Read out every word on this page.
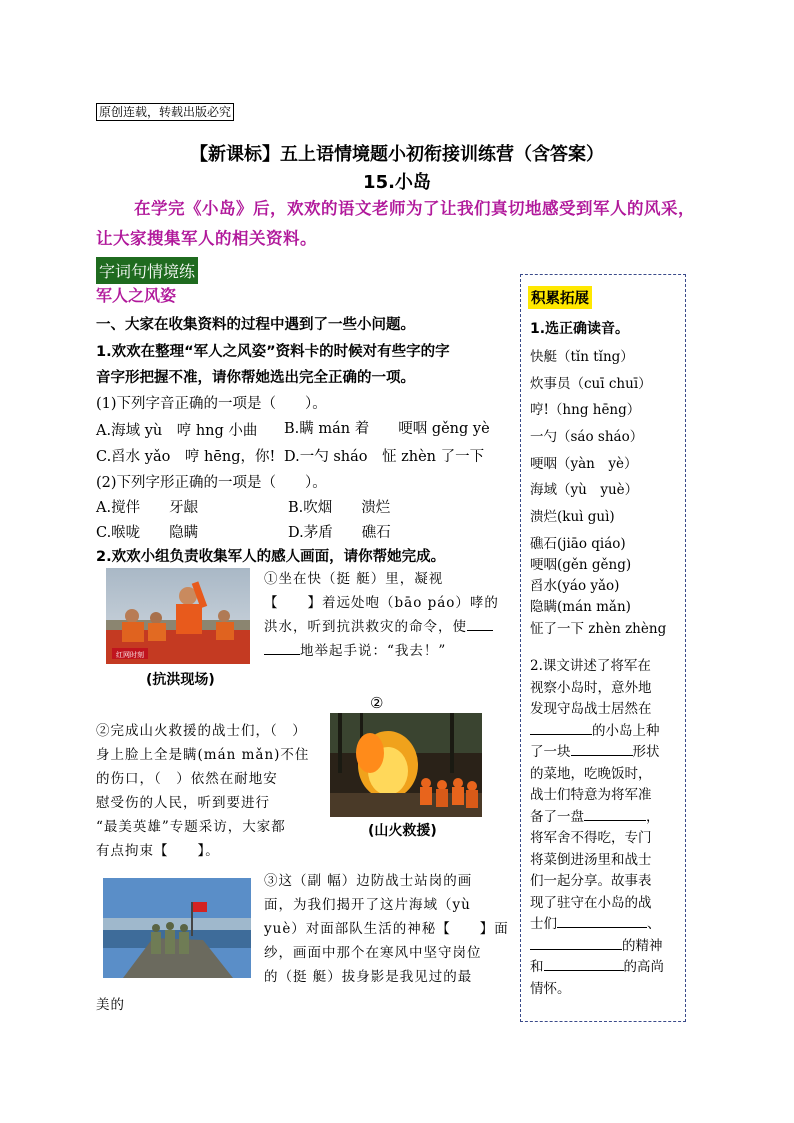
原创连载，转载出版必究
【新课标】五上语情境题小初衔接训练营（含答案）
15.小岛
在学完《小岛》后，欢欢的语文老师为了让我们真切地感受到军人的风采，让大家搜集军人的相关资料。
字词句情境练
军人之风姿
一、大家在收集资料的过程中遇到了一些小问题。
1.欢欢在整理“军人之风姿”资料卡的时候对有些字的字
音字形把握不准，请你帮她选出完全正确的一项。
(1)下列字音正确的一项是（　　）。
A.海域 yù　哼 hng 小曲 B.瞒 mán 着　　哽咽 gěng yè
C.舀水 yǎo　哼 hēng，你! D.一勺 sháo　怔 zhèn 了一下
(2)下列字形正确的一项是（　　）。
A.搅伴　　牙龈	B.吹烟　　溃烂
C.喉咙　　隐瞒	D.茅盾　　礁石
2.欢欢小组负责收集军人的感人画面，请你帮她完成。
红网时刻
①坐在快（挺 艇）里，凝视
【　　】着远处咆（bāo páo）哮的
洪水，听到抗洪救灾的命令，使
地举起手说：“我去！”
(抗洪现场)
②
(山火救援)
②完成山火救援的战士们，（　）
身上脸上全是瞒(mán mǎn)不住
的伤口，（　）依然在耐地安
慰受伤的人民，听到要进行
“最美英雄”专题采访，大家都
有点拘束【　　】。
③这（副 幅）边防战士站岗的画
面，为我们揭开了这片海域（yù
yuè）对面部队生活的神秘【　　】面
纱，画面中那个在寒风中坚守岗位
的（挺 艇）拔身影是我见过的最
美的
积累拓展
1.选正确读音。
快艇（tǐn tǐng）
炊事员（cuī chuī）
哼!（hng hēng）
一勺（sáo sháo）
哽咽（yàn　yè）
海域（yù　yuè）
溃烂(kuì guì)
礁石(jiāo qiáo)
哽咽(gěn gěng)
舀水(yáo yǎo)
隐瞒(mán mǎn)
怔了一下 zhèn zhèng
2.课文讲述了将军在
视察小岛时，意外地
发现守岛战士居然在
的小岛上种
了一块	形状
的菜地，吃晚饭时，
战士们特意为将军准
备了一盘	，
将军舍不得吃，专门
将菜倒进汤里和战士
们一起分享。故事表
现了驻守在小岛的战
士们	、
的精神
和	的高尚
情怀。
